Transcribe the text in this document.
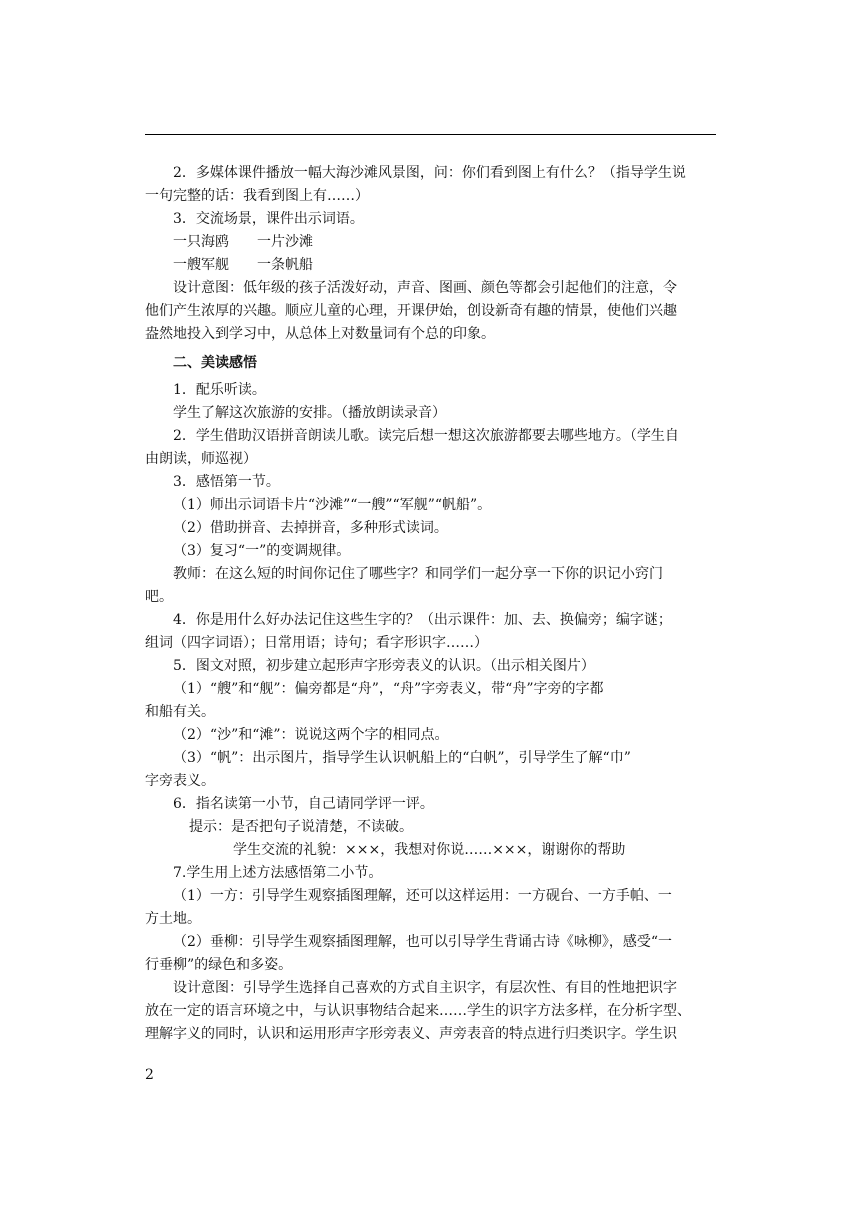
2．多媒体课件播放一幅大海沙滩风景图，问：你们看到图上有什么？（指导学生说
一句完整的话：我看到图上有……）
3．交流场景，课件出示词语。
一只海鸥　　一片沙滩
一艘军舰　　一条帆船
设计意图：低年级的孩子活泼好动，声音、图画、颜色等都会引起他们的注意，令
他们产生浓厚的兴趣。顺应儿童的心理，开课伊始，创设新奇有趣的情景，使他们兴趣
盎然地投入到学习中，从总体上对数量词有个总的印象。
二、美读感悟
1．配乐听读。
学生了解这次旅游的安排。（播放朗读录音）
2．学生借助汉语拼音朗读儿歌。读完后想一想这次旅游都要去哪些地方。（学生自
由朗读，师巡视）
3．感悟第一节。
（1）师出示词语卡片“沙滩”“一艘”“军舰”“帆船”。
（2）借助拼音、去掉拼音，多种形式读词。
（3）复习“一”的变调规律。
教师：在这么短的时间你记住了哪些字？和同学们一起分享一下你的识记小窍门
吧。
4．你是用什么好办法记住这些生字的？（出示课件：加、去、换偏旁；编字谜；
组词（四字词语）；日常用语；诗句；看字形识字……）
5．图文对照，初步建立起形声字形旁表义的认识。（出示相关图片）
（1）“艘”和“舰”：偏旁都是“舟”，“舟”字旁表义，带“舟”字旁的字都
和船有关。
（2）“沙”和“滩”：说说这两个字的相同点。
（3）“帆”：出示图片，指导学生认识帆船上的“白帆”，引导学生了解“巾”
字旁表义。
6．指名读第一小节，自己请同学评一评。
提示：是否把句子说清楚，不读破。
学生交流的礼貌：×××，我想对你说……×××，谢谢你的帮助
7.学生用上述方法感悟第二小节。
（1）一方：引导学生观察插图理解，还可以这样运用：一方砚台、一方手帕、一
方土地。
（2）垂柳：引导学生观察插图理解，也可以引导学生背诵古诗《咏柳》，感受“一
行垂柳”的绿色和多姿。
设计意图：引导学生选择自己喜欢的方式自主识字，有层次性、有目的性地把识字
放在一定的语言环境之中，与认识事物结合起来……学生的识字方法多样，在分析字型、
理解字义的同时，认识和运用形声字形旁表义、声旁表音的特点进行归类识字。学生识
2
